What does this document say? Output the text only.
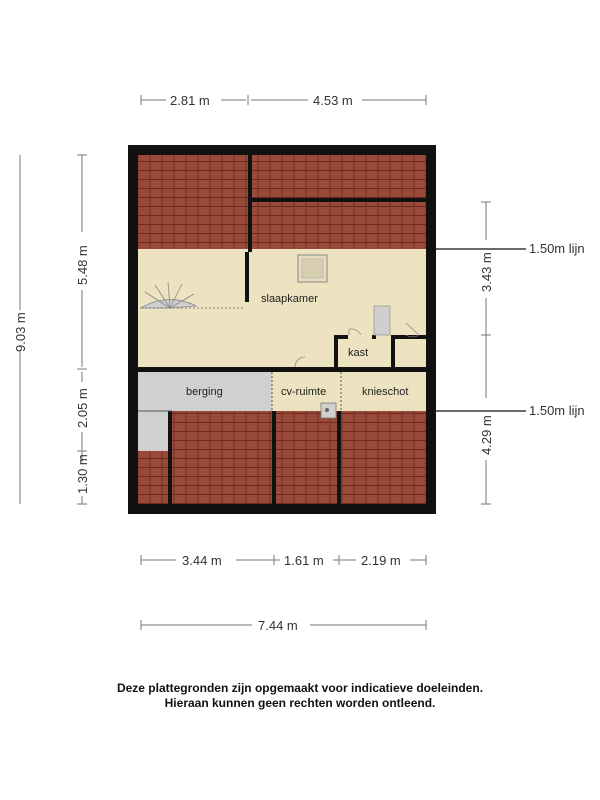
slaapkamer
kast
berging	cv-ruimte	knieschot
1.50m lijn
1.50m lijn
2.81 m	4.53 m
9.03 m
5.48 m
2.05 m
1.30 m
3.43 m
4.29 m
3.44 m	1.61 m	2.19 m
7.44 m
Deze plattegronden zijn opgemaakt voor indicatieve doeleinden.
Hieraan kunnen geen rechten worden ontleend.
